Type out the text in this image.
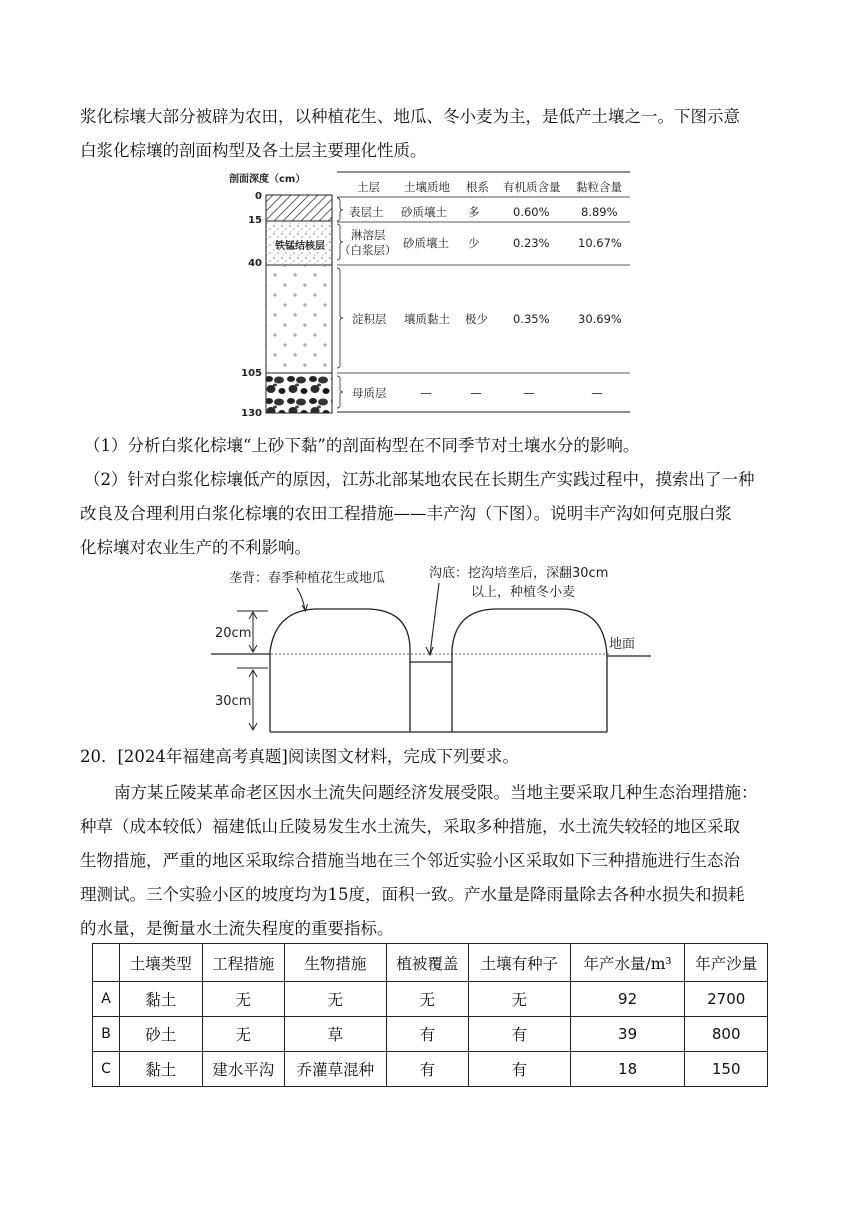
浆化棕壤大部分被辟为农田，以种植花生、地瓜、冬小麦为主，是低产土壤之一。下图示意
白浆化棕壤的剖面构型及各土层主要理化性质。
剖面深度（cm）
0
15
40
105
130
铁锰结核层
土层 土壤质地 根系 有机质含量 黏粒含量
表层土 砂质壤土 多	0.60%	8.89%
淋溶层
（白浆层） 砂质壤土 少	0.23% 10.67%
淀积层 壤质黏土 极少 0.35% 30.69%
母质层	—	—	—	—
（1）分析白浆化棕壤“上砂下黏”的剖面构型在不同季节对土壤水分的影响。
（2）针对白浆化棕壤低产的原因，江苏北部某地农民在长期生产实践过程中，摸索出了一种
改良及合理利用白浆化棕壤的农田工程措施——丰产沟（下图）。说明丰产沟如何克服白浆
化棕壤对农业生产的不利影响。
垄背：春季种植花生或地瓜	沟底：挖沟培垄后，深翻30cm
以上，种植冬小麦
地面
20cm
30cm
20．[2024年福建高考真题]阅读图文材料，完成下列要求。
南方某丘陵某革命老区因水土流失问题经济发展受限。当地主要采取几种生态治理措施：
种草（成本较低）福建低山丘陵易发生水土流失，采取多种措施，水土流失较轻的地区采取
生物措施，严重的地区采取综合措施当地在三个邻近实验小区采取如下三种措施进行生态治
理测试。三个实验小区的坡度均为15度，面积一致。产水量是降雨量除去各种水损失和损耗
的水量，是衡量水土流失程度的重要指标。
	土壤类型	工程措施	生物措施	植被覆盖	土壤有种子	年产水量/m³	年产沙量
A	黏土	无	无	无	无	92	2700
B	砂土	无	草	有	有	39	800
C	黏土	建水平沟	乔灌草混种	有	有	18	150
